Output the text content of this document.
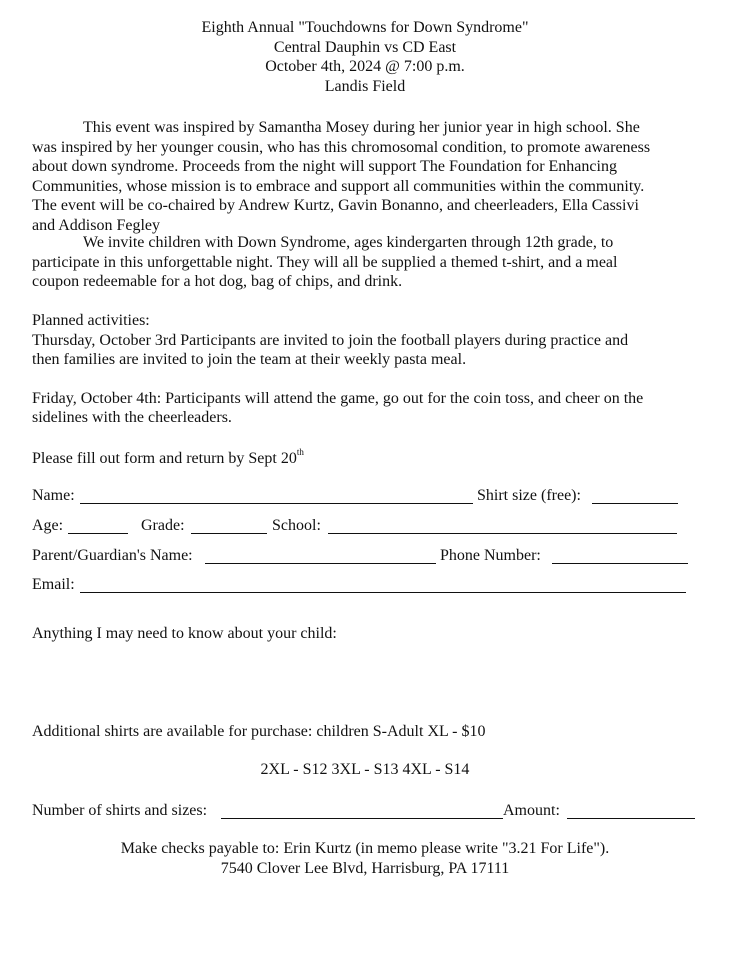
Eighth Annual "Touchdowns for Down Syndrome"
Central Dauphin vs CD East
October 4th, 2024 @ 7:00 p.m.
Landis Field
This event was inspired by Samantha Mosey during her junior year in high school. She
was inspired by her younger cousin, who has this chromosomal condition, to promote awareness
about down syndrome. Proceeds from the night will support The Foundation for Enhancing
Communities, whose mission is to embrace and support all communities within the community.
The event will be co-chaired by Andrew Kurtz, Gavin Bonanno, and cheerleaders, Ella Cassivi
and Addison Fegley
We invite children with Down Syndrome, ages kindergarten through 12th grade, to
participate in this unforgettable night. They will all be supplied a themed t-shirt, and a meal
coupon redeemable for a hot dog, bag of chips, and drink.
Planned activities:
Thursday, October 3rd Participants are invited to join the football players during practice and
then families are invited to join the team at their weekly pasta meal.
Friday, October 4th: Participants will attend the game, go out for the coin toss, and cheer on the
sidelines with the cheerleaders.
Please fill out form and return by Sept 20th
Name:	Shirt size (free):
Age:	Grade:	School:
Parent/Guardian's Name:	Phone Number:
Email:
Anything I may need to know about your child:
Additional shirts are available for purchase: children S-Adult XL - $10
2XL - S12 3XL - S13 4XL - S14
Number of shirts and sizes:	Amount:
Make checks payable to: Erin Kurtz (in memo please write "3.21 For Life").
7540 Clover Lee Blvd, Harrisburg, PA 17111
